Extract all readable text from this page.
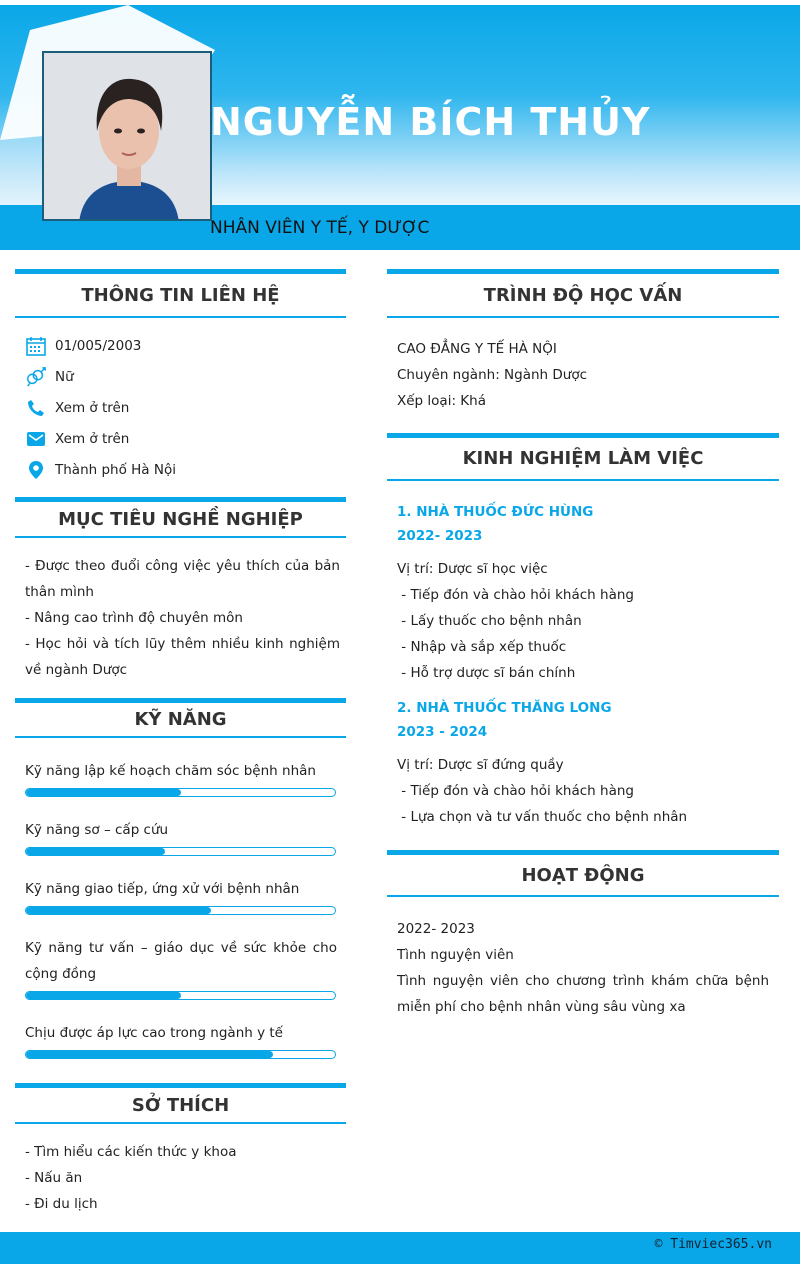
NGUYỄN BÍCH THỦY
NHÂN VIÊN Y TẾ, Y DƯỢC
THÔNG TIN LIÊN HỆ
01/005/2003
Nữ
Xem ở trên
Xem ở trên
Thành phố Hà Nội
MỤC TIÊU NGHỀ NGHIỆP
- Được theo đuổi công việc yêu thích của bản thân mình
- Nâng cao trình độ chuyên môn
- Học hỏi và tích lũy thêm nhiều kinh nghiệm về ngành Dược
KỸ NĂNG
Kỹ năng lập kế hoạch chăm sóc bệnh nhân
Kỹ năng sơ – cấp cứu
Kỹ năng giao tiếp, ứng xử với bệnh nhân
Kỹ năng tư vấn – giáo dục về sức khỏe cho cộng đồng
Chịu được áp lực cao trong ngành y tế
SỞ THÍCH
- Tìm hiểu các kiến thức y khoa
- Nấu ăn
- Đi du lịch
TRÌNH ĐỘ HỌC VẤN
CAO ĐẲNG Y TẾ HÀ NỘI
Chuyên ngành: Ngành Dược
Xếp loại: Khá
KINH NGHIỆM LÀM VIỆC
1. NHÀ THUỐC ĐỨC HÙNG
2022- 2023
Vị trí: Dược sĩ học việc
- Tiếp đón và chào hỏi khách hàng
- Lấy thuốc cho bệnh nhân
- Nhập và sắp xếp thuốc
- Hỗ trợ dược sĩ bán chính
2. NHÀ THUỐC THĂNG LONG
2023 - 2024
Vị trí: Dược sĩ đứng quầy
- Tiếp đón và chào hỏi khách hàng
- Lựa chọn và tư vấn thuốc cho bệnh nhân
HOẠT ĐỘNG
2022- 2023
Tình nguyện viên
Tình nguyện viên cho chương trình khám chữa bệnh miễn phí cho bệnh nhân vùng sâu vùng xa
© Timviec365.vn
